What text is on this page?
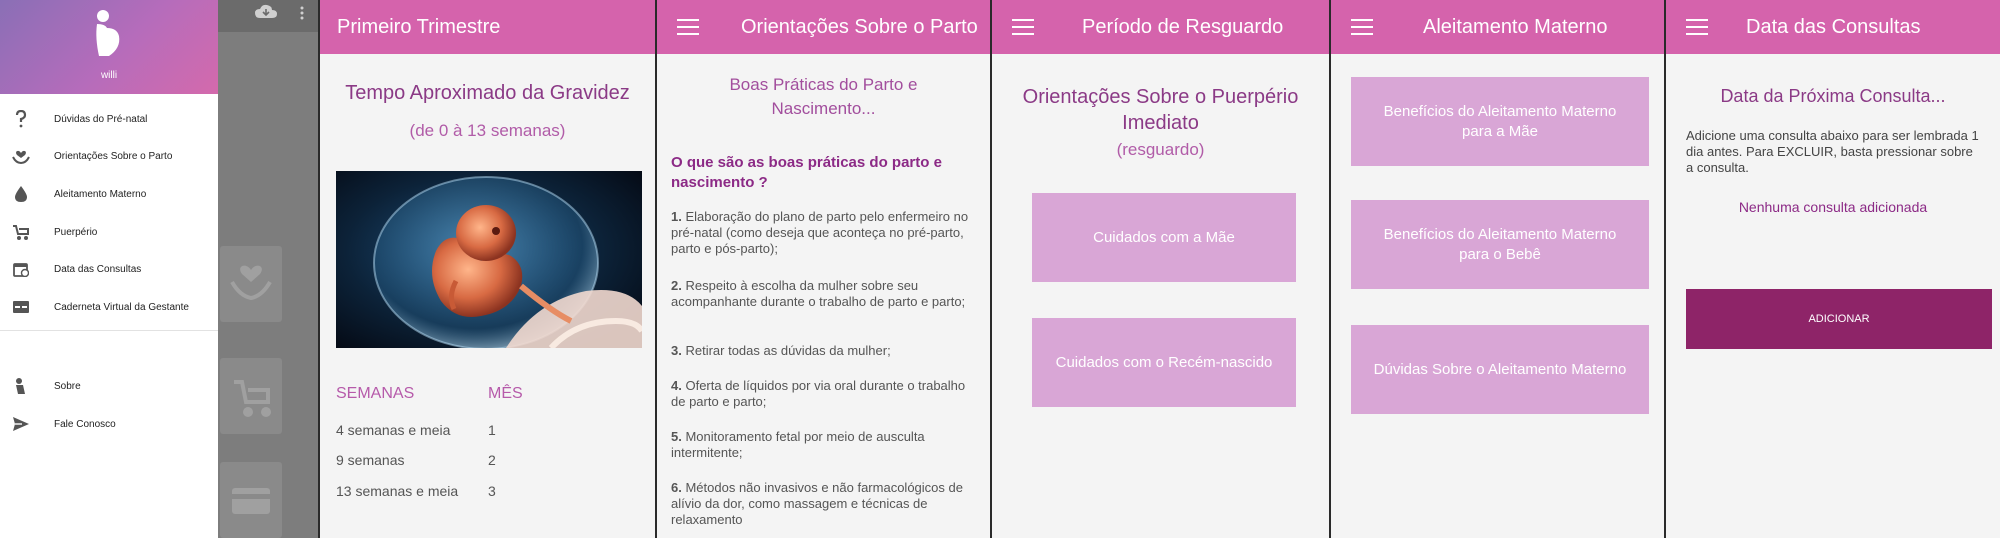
willi
Dúvidas do Pré-natal
Orientações Sobre o Parto
Aleitamento Materno
Puerpério
Data das Consultas
Caderneta Virtual da Gestante
Sobre
Fale Conosco
Primeiro Trimestre
Tempo Aproximado da Gravidez
(de 0 à 13 semanas)
SEMANAS	MÊS
4 semanas e meia	1
9 semanas	2
13 semanas e meia 3
Orientações Sobre o Parto
Boas Práticas do Parto e Nascimento...
O que são as boas práticas do parto e nascimento ?
1. Elaboração do plano de parto pelo enfermeiro no pré-natal (como deseja que aconteça no pré-parto, parto e pós-parto);
2. Respeito à escolha da mulher sobre seu acompanhante durante o trabalho de parto e parto;
3. Retirar todas as dúvidas da mulher;
4. Oferta de líquidos por via oral durante o trabalho de parto e parto;
5. Monitoramento fetal por meio de ausculta intermitente;
6. Métodos não invasivos e não farmacológicos de alívio da dor, como massagem e técnicas de relaxamento
Período de Resguardo
Orientações Sobre o Puerpério Imediato
(resguardo)
Cuidados com a Mãe
Cuidados com o Recém-nascido
Aleitamento Materno
Benefícios do Aleitamento Materno para a Mãe
Benefícios do Aleitamento Materno para o Bebê
Dúvidas Sobre o Aleitamento Materno
Data das Consultas
Data da Próxima Consulta...
Adicione uma consulta abaixo para ser lembrada 1 dia antes. Para EXCLUIR, basta pressionar sobre a consulta.
Nenhuma consulta adicionada
ADICIONAR
